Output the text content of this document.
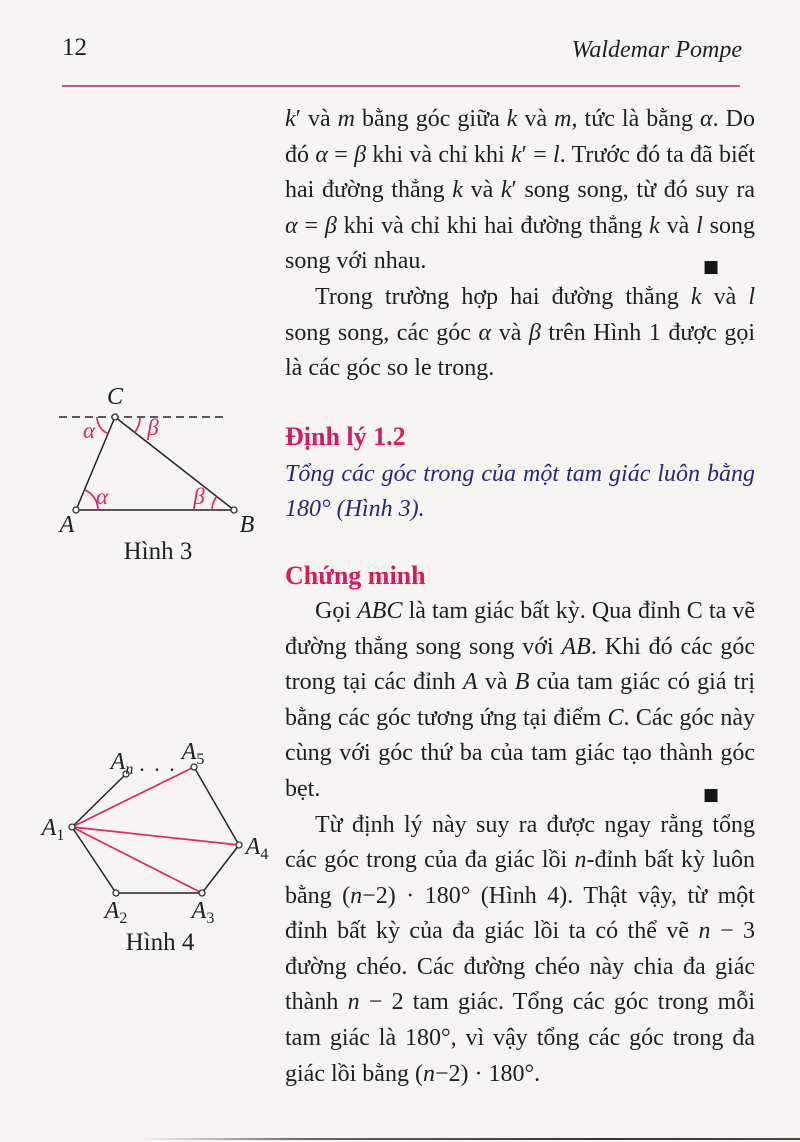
12	Waldemar Pompe
C
A	B
α β
α	β
Hình 3
$A_1$
$A_2$	$A_3$
$A_4$
$A_5$
$A_n$ . . .
Hình 4

k′ và m bằng góc giữa k và m, tức là bằng α. Do đó α = β khi và chỉ khi k′ = l. Trước đó ta đã biết hai đường thẳng k và k′ song song, từ đó suy ra α = β khi và chỉ khi hai đường thẳng k và l song song với nhau.	■

Trong trường hợp hai đường thẳng k và l song song, các góc α và β trên Hình 1 được gọi là các góc so le trong.

Định lý 1.2
Tổng các góc trong của một tam giác luôn bằng 180° (Hình 3).
Chứng minh

Gọi ABC là tam giác bất kỳ. Qua đỉnh C ta vẽ đường thẳng song song với AB. Khi đó các góc trong tại các đỉnh A và B của tam giác có giá trị bằng các góc tương ứng tại điểm C. Các góc này cùng với góc thứ ba của tam giác tạo thành góc bẹt.	■

Từ định lý này suy ra được ngay rằng tổng các góc trong của đa giác lồi n-đỉnh bất kỳ luôn bằng (n−2) · 180° (Hình 4). Thật vậy, từ một đỉnh bất kỳ của đa giác lồi ta có thể vẽ n − 3 đường chéo. Các đường chéo này chia đa giác thành n − 2 tam giác. Tổng các góc trong mỗi tam giác là 180°, vì vậy tổng các góc trong đa giác lồi bằng (n−2) · 180°.
